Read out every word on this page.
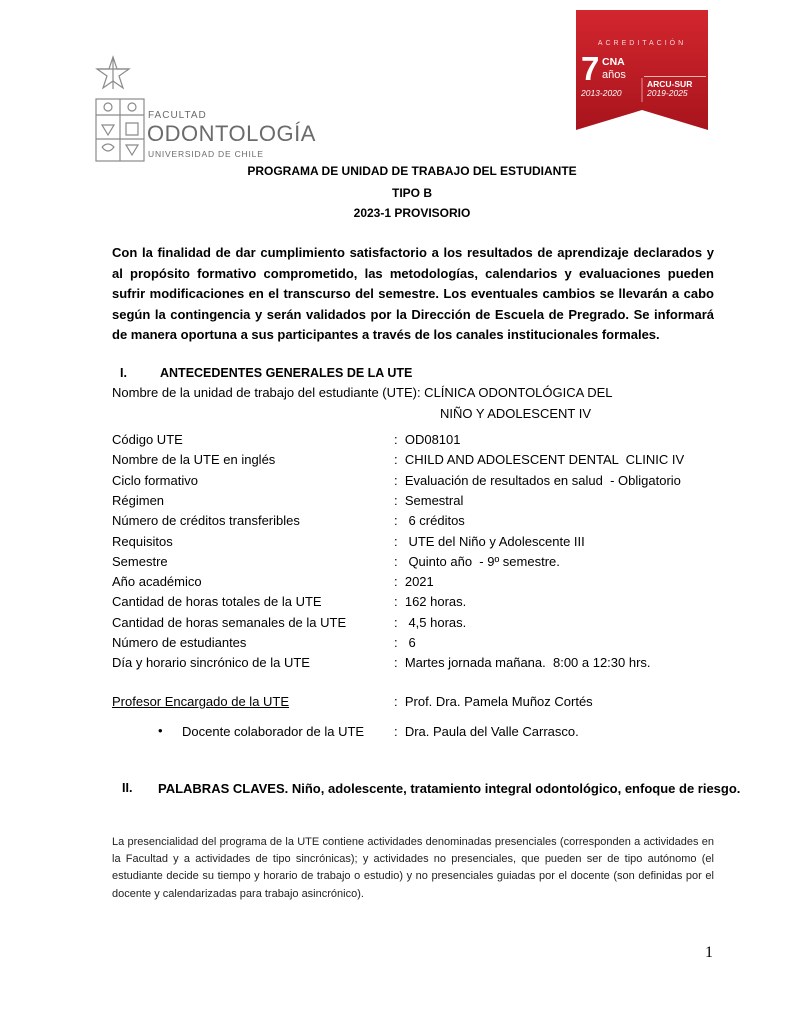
FACULTAD
ODONTOLOGÍA
UNIVERSIDAD DE CHILE
ACREDITACIÓN
7 CNA
años
2013-2020
ARCU-SUR
2019-2025
PROGRAMA DE UNIDAD DE TRABAJO DEL ESTUDIANTE
TIPO B
2023-1 PROVISORIO
Con la finalidad de dar cumplimiento satisfactorio a los resultados de aprendizaje declarados y al propósito formativo comprometido, las metodologías, calendarios y evaluaciones pueden sufrir modificaciones en el transcurso del semestre. Los eventuales cambios se llevarán a cabo según la contingencia y serán validados por la Dirección de Escuela de Pregrado. Se informará de manera oportuna a sus participantes a través de los canales institucionales formales.
I.	ANTECEDENTES GENERALES DE LA UTE
Nombre de la unidad de trabajo del estudiante (UTE): CLÍNICA ODONTOLÓGICA DEL
NIÑO Y ADOLESCENT IV
Código UTE	:  OD08101
Nombre de la UTE en inglés	:  CHILD AND ADOLESCENT DENTAL  CLINIC IV
Ciclo formativo	:  Evaluación de resultados en salud  - Obligatorio
Régimen	:  Semestral
Número de créditos transferibles	:   6 créditos
Requisitos	:   UTE del Niño y Adolescente III
Semestre	:   Quinto año  - 9º semestre.
Año académico	:  2021
Cantidad de horas totales de la UTE	:  162 horas.
Cantidad de horas semanales de la UTE	:   4,5 horas.
Número de estudiantes	:   6
Día y horario sincrónico de la UTE	:  Martes jornada mañana.  8:00 a 12:30 hrs.
Profesor Encargado de la UTE	:  Prof. Dra. Pamela Muñoz Cortés
• Docente colaborador de la UTE :  Dra. Paula del Valle Carrasco.
II. PALABRAS CLAVES. Niño, adolescente, tratamiento integral odontológico, enfoque de riesgo.
La presencialidad del programa de la UTE contiene actividades denominadas presenciales (corresponden a actividades en la Facultad y a actividades de tipo sincrónicas); y actividades no presenciales, que pueden ser de tipo autónomo (el estudiante decide su tiempo y horario de trabajo o estudio) y no presenciales guiadas por el docente (son definidas por el docente y calendarizadas para trabajo asincrónico).
1
